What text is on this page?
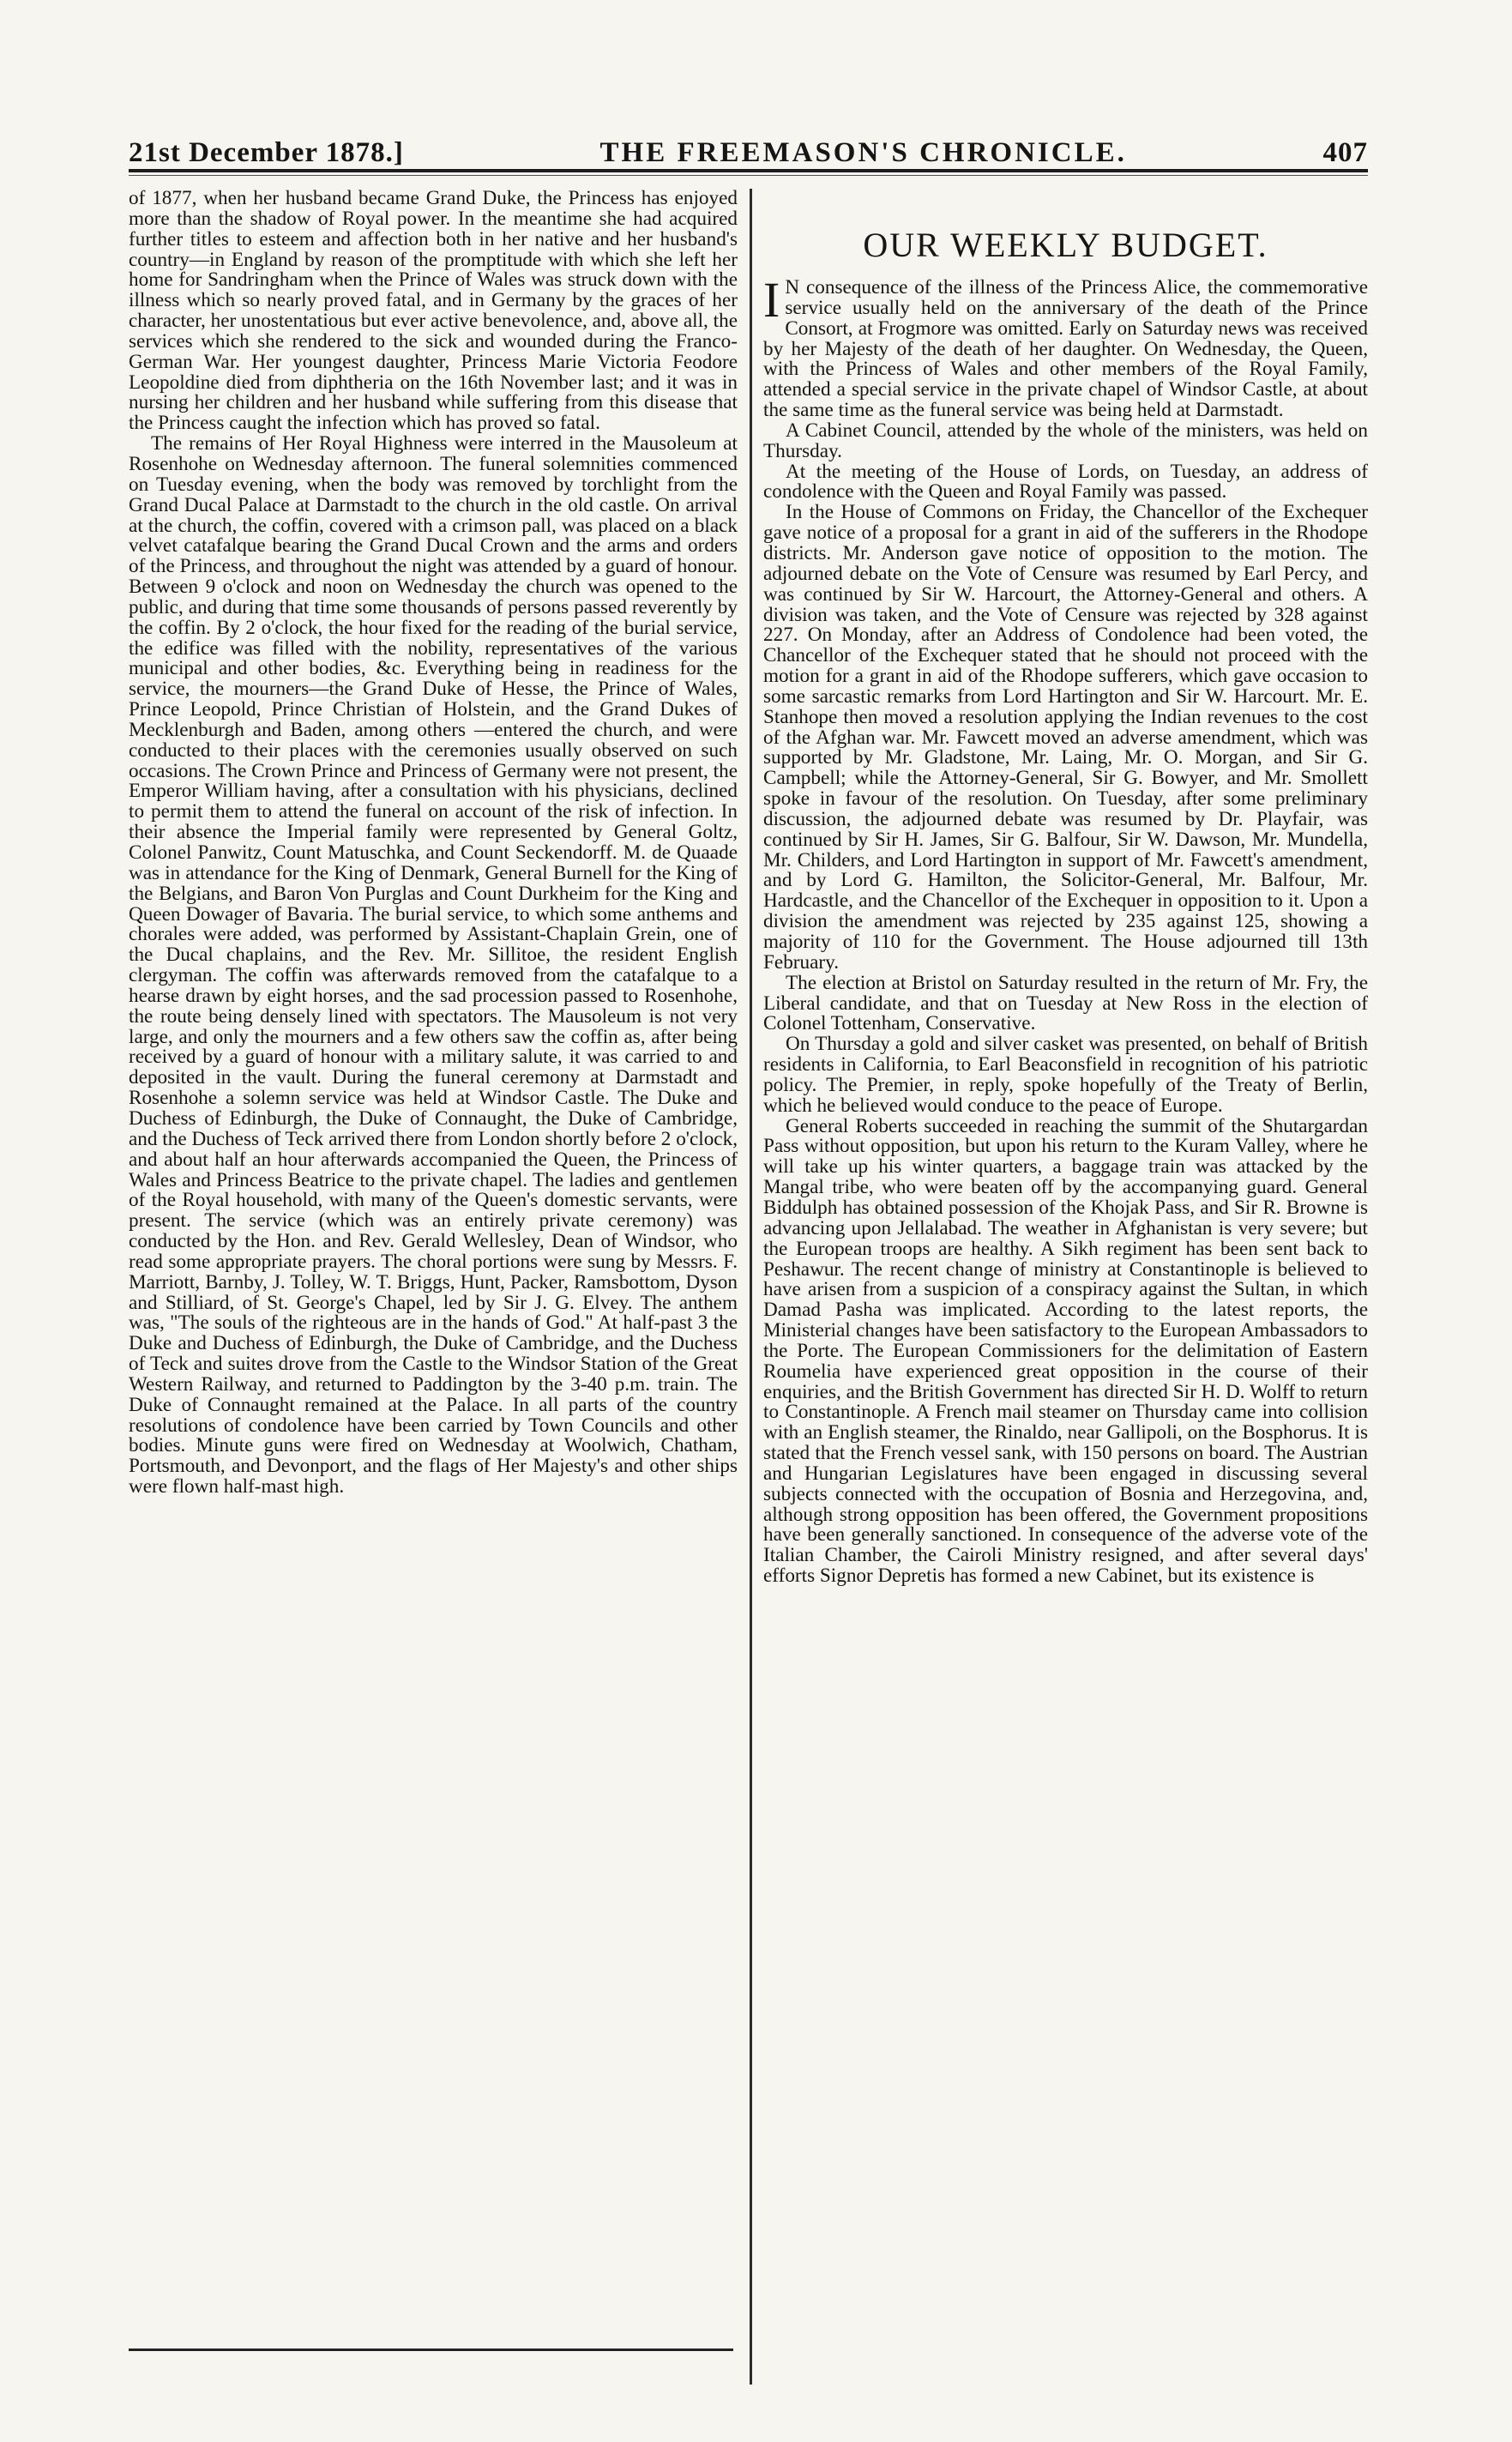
21st December 1878.]	THE FREEMASON'S CHRONICLE.	407

of 1877, when her husband became Grand Duke, the Princess has enjoyed more than the shadow of Royal power. In the meantime she had acquired further titles to esteem and affection both in her native and her husband's country—in England by reason of the promptitude with which she left her home for Sandringham when the Prince of Wales was struck down with the illness which so nearly proved fatal, and in Germany by the graces of her character, her unostentatious but ever active benevolence, and, above all, the services which she rendered to the sick and wounded during the Franco-German War. Her youngest daughter, Princess Marie Victoria Feodore Leopoldine died from diphtheria on the 16th November last; and it was in nursing her children and her husband while suffering from this disease that the Princess caught the infection which has proved so fatal.

The remains of Her Royal Highness were interred in the Mausoleum at Rosenhohe on Wednesday afternoon. The funeral solemnities commenced on Tuesday evening, when the body was removed by torchlight from the Grand Ducal Palace at Darmstadt to the church in the old castle. On arrival at the church, the coffin, covered with a crimson pall, was placed on a black velvet catafalque bearing the Grand Ducal Crown and the arms and orders of the Princess, and throughout the night was attended by a guard of honour. Between 9 o'clock and noon on Wednesday the church was opened to the public, and during that time some thousands of persons passed reverently by the coffin. By 2 o'clock, the hour fixed for the reading of the burial service, the edifice was filled with the nobility, representatives of the various municipal and other bodies, &c. Everything being in readiness for the service, the mourners—the Grand Duke of Hesse, the Prince of Wales, Prince Leopold, Prince Christian of Holstein, and the Grand Dukes of Mecklenburgh and Baden, among others —entered the church, and were conducted to their places with the ceremonies usually observed on such occasions. The Crown Prince and Princess of Germany were not present, the Emperor William having, after a consultation with his physicians, declined to permit them to attend the funeral on account of the risk of infection. In their absence the Imperial family were represented by General Goltz, Colonel Panwitz, Count Matuschka, and Count Seckendorff. M. de Quaade was in attendance for the King of Denmark, General Burnell for the King of the Belgians, and Baron Von Purglas and Count Durkheim for the King and Queen Dowager of Bavaria. The burial service, to which some anthems and chorales were added, was performed by Assistant-Chaplain Grein, one of the Ducal chaplains, and the Rev. Mr. Sillitoe, the resident English clergyman. The coffin was afterwards removed from the catafalque to a hearse drawn by eight horses, and the sad procession passed to Rosenhohe, the route being densely lined with spectators. The Mausoleum is not very large, and only the mourners and a few others saw the coffin as, after being received by a guard of honour with a military salute, it was carried to and deposited in the vault. During the funeral ceremony at Darmstadt and Rosenhohe a solemn service was held at Windsor Castle. The Duke and Duchess of Edinburgh, the Duke of Connaught, the Duke of Cambridge, and the Duchess of Teck arrived there from London shortly before 2 o'clock, and about half an hour afterwards accompanied the Queen, the Princess of Wales and Princess Beatrice to the private chapel. The ladies and gentlemen of the Royal household, with many of the Queen's domestic servants, were present. The service (which was an entirely private ceremony) was conducted by the Hon. and Rev. Gerald Wellesley, Dean of Windsor, who read some appropriate prayers. The choral portions were sung by Messrs. F. Marriott, Barnby, J. Tolley, W. T. Briggs, Hunt, Packer, Ramsbottom, Dyson and Stilliard, of St. George's Chapel, led by Sir J. G. Elvey. The anthem was, "The souls of the righteous are in the hands of God." At half-past 3 the Duke and Duchess of Edinburgh, the Duke of Cambridge, and the Duchess of Teck and suites drove from the Castle to the Windsor Station of the Great Western Railway, and returned to Paddington by the 3-40 p.m. train. The Duke of Connaught remained at the Palace. In all parts of the country resolutions of condolence have been carried by Town Councils and other bodies. Minute guns were fired on Wednesday at Woolwich, Chatham, Portsmouth, and Devonport, and the flags of Her Majesty's and other ships were flown half-mast high.

OUR WEEKLY BUDGET.

I N consequence of the illness of the Princess Alice, the commemorative service usually held on the anniversary of the death of the Prince Consort, at Frogmore was omitted. Early on Saturday news was received by her Majesty of the death of her daughter. On Wednesday, the Queen, with the Princess of Wales and other members of the Royal Family, attended a special service in the private chapel of Windsor Castle, at about the same time as the funeral service was being held at Darmstadt.

A Cabinet Council, attended by the whole of the ministers, was held on Thursday.

At the meeting of the House of Lords, on Tuesday, an address of condolence with the Queen and Royal Family was passed.

In the House of Commons on Friday, the Chancellor of the Exchequer gave notice of a proposal for a grant in aid of the sufferers in the Rhodope districts. Mr. Anderson gave notice of opposition to the motion. The adjourned debate on the Vote of Censure was resumed by Earl Percy, and was continued by Sir W. Harcourt, the Attorney-General and others. A division was taken, and the Vote of Censure was rejected by 328 against 227. On Monday, after an Address of Condolence had been voted, the Chancellor of the Exchequer stated that he should not proceed with the motion for a grant in aid of the Rhodope sufferers, which gave occasion to some sarcastic remarks from Lord Hartington and Sir W. Harcourt. Mr. E. Stanhope then moved a resolution applying the Indian revenues to the cost of the Afghan war. Mr. Fawcett moved an adverse amendment, which was supported by Mr. Gladstone, Mr. Laing, Mr. O. Morgan, and Sir G. Campbell; while the Attorney-General, Sir G. Bowyer, and Mr. Smollett spoke in favour of the resolution. On Tuesday, after some preliminary discussion, the adjourned debate was resumed by Dr. Playfair, was continued by Sir H. James, Sir G. Balfour, Sir W. Dawson, Mr. Mundella, Mr. Childers, and Lord Hartington in support of Mr. Fawcett's amendment, and by Lord G. Hamilton, the Solicitor-General, Mr. Balfour, Mr. Hardcastle, and the Chancellor of the Exchequer in opposition to it. Upon a division the amendment was rejected by 235 against 125, showing a majority of 110 for the Government. The House adjourned till 13th February.

The election at Bristol on Saturday resulted in the return of Mr. Fry, the Liberal candidate, and that on Tuesday at New Ross in the election of Colonel Tottenham, Conservative.

On Thursday a gold and silver casket was presented, on behalf of British residents in California, to Earl Beaconsfield in recognition of his patriotic policy. The Premier, in reply, spoke hopefully of the Treaty of Berlin, which he believed would conduce to the peace of Europe.

General Roberts succeeded in reaching the summit of the Shutargardan Pass without opposition, but upon his return to the Kuram Valley, where he will take up his winter quarters, a baggage train was attacked by the Mangal tribe, who were beaten off by the accompanying guard. General Biddulph has obtained possession of the Khojak Pass, and Sir R. Browne is advancing upon Jellalabad. The weather in Afghanistan is very severe; but the European troops are healthy. A Sikh regiment has been sent back to Peshawur. The recent change of ministry at Constantinople is believed to have arisen from a suspicion of a conspiracy against the Sultan, in which Damad Pasha was implicated. According to the latest reports, the Ministerial changes have been satisfactory to the European Ambassadors to the Porte. The European Commissioners for the delimitation of Eastern Roumelia have experienced great opposition in the course of their enquiries, and the British Government has directed Sir H. D. Wolff to return to Constantinople. A French mail steamer on Thursday came into collision with an English steamer, the Rinaldo, near Gallipoli, on the Bosphorus. It is stated that the French vessel sank, with 150 persons on board. The Austrian and Hungarian Legislatures have been engaged in discussing several subjects connected with the occupation of Bosnia and Herzegovina, and, although strong opposition has been offered, the Government propositions have been generally sanctioned. In consequence of the adverse vote of the Italian Chamber, the Cairoli Ministry resigned, and after several days' efforts Signor Depretis has formed a new Cabinet, but its existence is
